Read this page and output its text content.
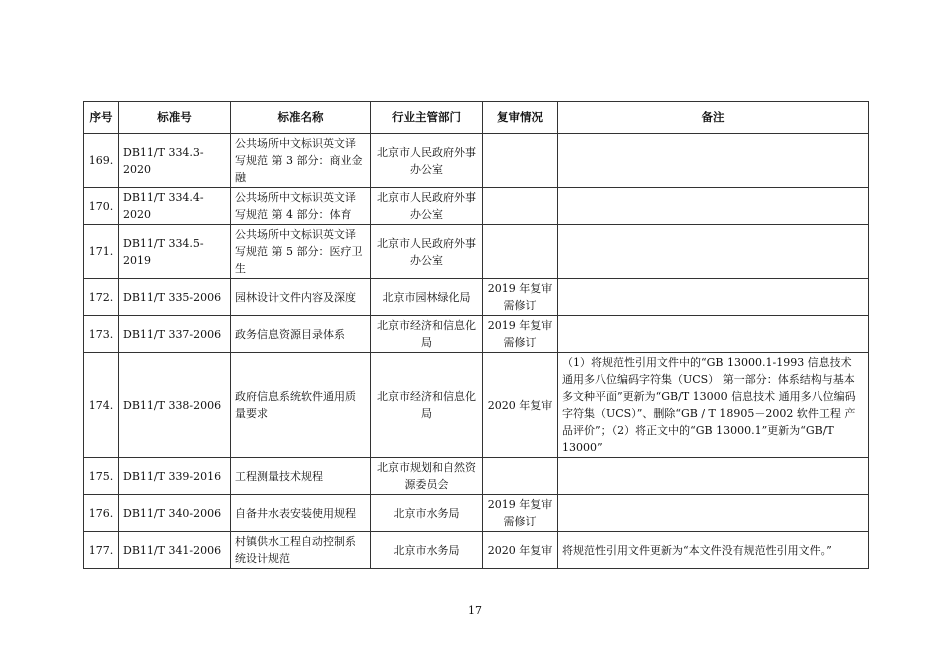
序号	标准号	标准名称	行业主管部门	复审情况	备注
169.	DB11/T 334.3-2020	公共场所中文标识英文译写规范 第 3 部分：商业金融	北京市人民政府外事办公室		
170.	DB11/T 334.4-2020	公共场所中文标识英文译写规范 第 4 部分：体育	北京市人民政府外事办公室		
171.	DB11/T 334.5-2019	公共场所中文标识英文译写规范 第 5 部分：医疗卫生	北京市人民政府外事办公室		
172.	DB11/T 335-2006	园林设计文件内容及深度	北京市园林绿化局	2019 年复审需修订	
173.	DB11/T 337-2006	政务信息资源目录体系	北京市经济和信息化局	2019 年复审需修订	
174.	DB11/T 338-2006	政府信息系统软件通用质量要求	北京市经济和信息化局	2020 年复审	（1）将规范性引用文件中的“GB 13000.1-1993 信息技术 通用多八位编码字符集（UCS） 第一部分：体系结构与基本多文种平面”更新为“GB/T 13000 信息技术 通用多八位编码字符集（UCS）”、删除“GB / T 18905－2002 软件工程 产品评价”；（2）将正文中的“GB 13000.1”更新为“GB/T 13000”
175.	DB11/T 339-2016	工程测量技术规程	北京市规划和自然资源委员会		
176.	DB11/T 340-2006	自备井水表安装使用规程	北京市水务局	2019 年复审需修订	
177.	DB11/T 341-2006	村镇供水工程自动控制系统设计规范	北京市水务局	2020 年复审	将规范性引用文件更新为“本文件没有规范性引用文件。”
17
